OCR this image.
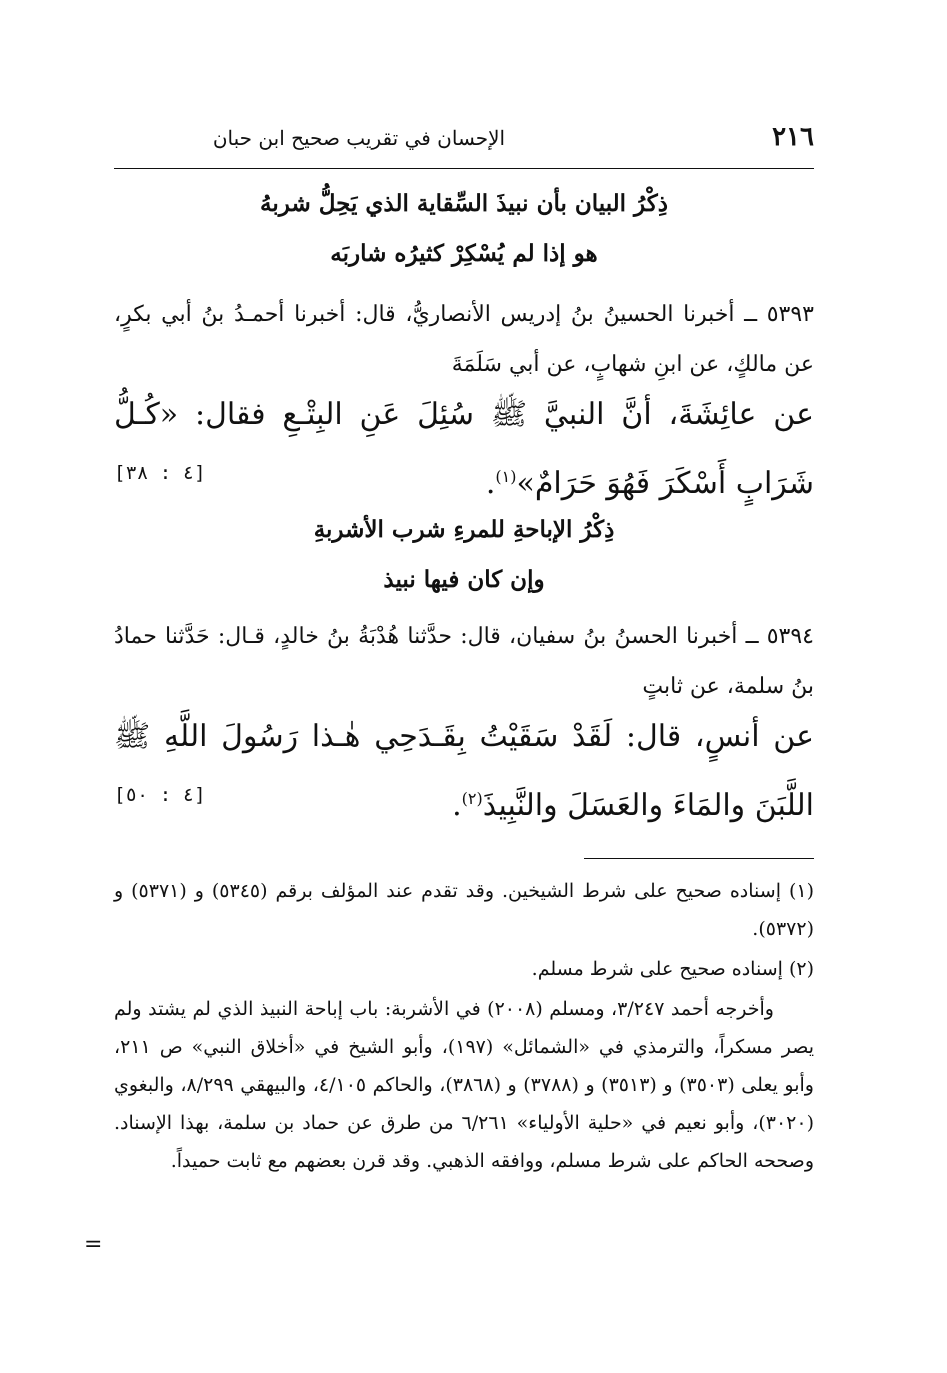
٢١٦
الإحسان في تقريب صحيح ابن حبان
ذِكْرُ البيان بأن نبيذَ السِّقاية الذي يَحِلُّ شربهُ
هو إذا لم يُسْكِرْ كثيرُه شاربَه

٥٣٩٣ ــ أخبرنا الحسينُ بنُ إدريس الأنصاريُّ، قال: أخبرنا أحمـدُ بنُ أبي بكرٍ، عن مالكٍ، عن ابنِ شهابٍ، عن أبي سَلَمَةَ

عن عائِشَةَ، أنَّ النبيَّ ﷺ سُئِلَ عَنِ البِتْـعِ فقال: «كُـلُّ شَرَابٍ أَسْكَرَ فَهُوَ حَرَامٌ»$^{(١)}$.
[٤ : ٣٨]
ذِكْرُ الإباحةِ للمرءِ شرب الأشربةِ
وإن كان فيها نبيذ

٥٣٩٤ ــ أخبرنا الحسنُ بنُ سفيان، قال: حدَّثنا هُدْبَةُ بنُ خالدٍ، قـال: حَدَّثنا حمادُ بنُ سلمة، عن ثابتٍ

عن أنسٍ، قال: لَقَدْ سَقَيْتُ بِقَـدَحِي هٰـذا رَسُولَ اللَّهِ ﷺ اللَّبَنَ والمَاءَ والعَسَلَ والنَّبِيذَ$^{(٢)}$.
[٤ : ٥٠]
(١) إسناده صحيح على شرط الشيخين. وقد تقدم عند المؤلف برقم (٥٣٤٥) و (٥٣٧١) و (٥٣٧٢).
(٢) إسناده صحيح على شرط مسلم.
وأخرجه أحمد ٣/٢٤٧، ومسلم (٢٠٠٨) في الأشربة: باب إباحة النبيذ الذي لم يشتد ولم يصر مسكراً، والترمذي في «الشمائل» (١٩٧)، وأبو الشيخ في «أخلاق النبي» ص ٢١١، وأبو يعلى (٣٥٠٣) و (٣٥١٣) و (٣٧٨٨) و (٣٨٦٨)، والحاكم ٤/١٠٥، والبيهقي ٨/٢٩٩، والبغوي (٣٠٢٠)، وأبو نعيم في «حلية الأولياء» ٦/٢٦١ من طرق عن حماد بن سلمة، بهذا الإسناد. وصححه الحاكم على شرط مسلم، ووافقه الذهبي. وقد قرن بعضهم مع ثابت حميداً.
=
